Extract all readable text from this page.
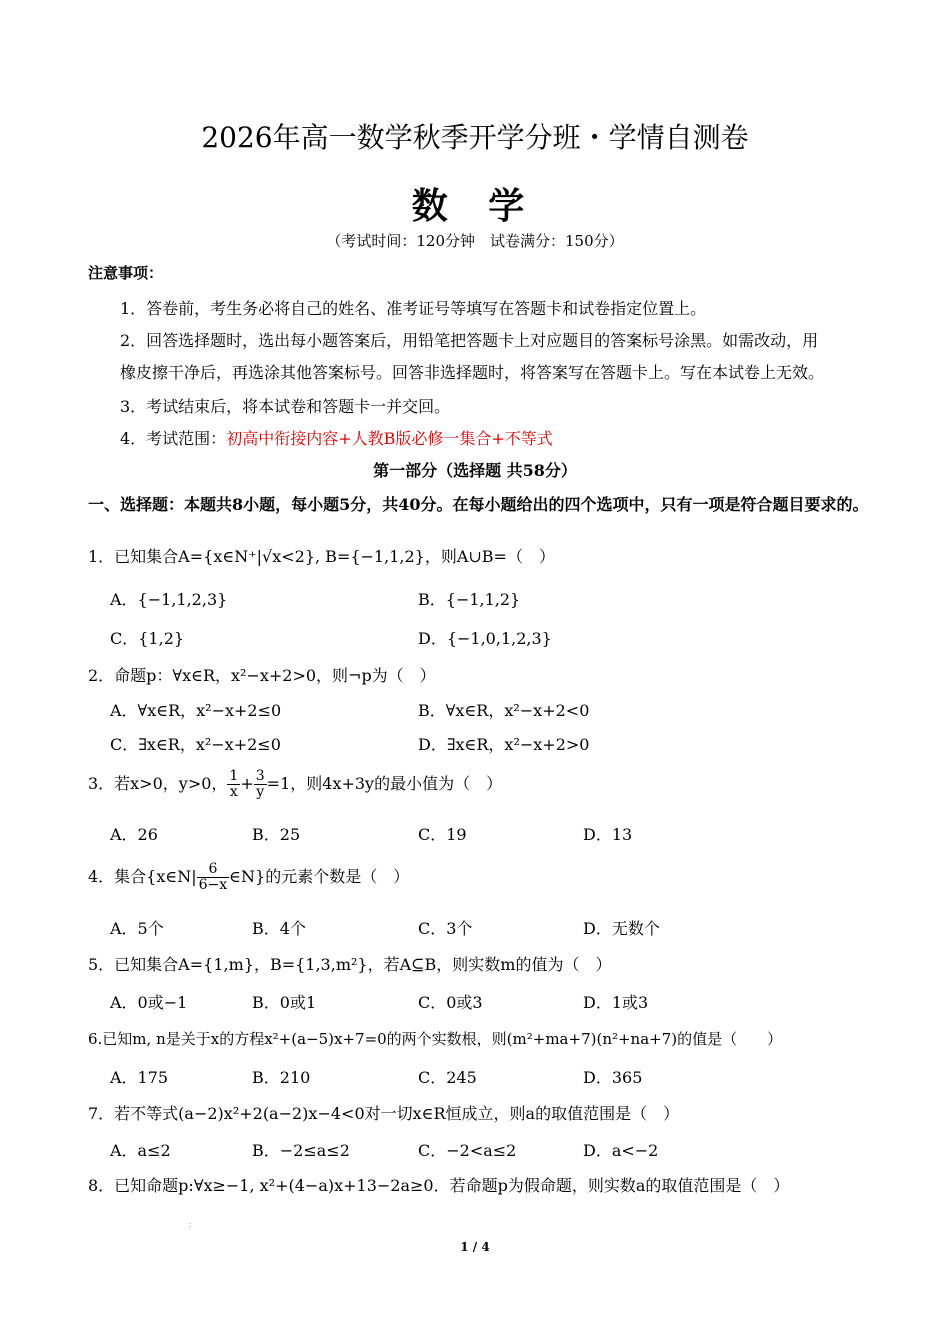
2026年高一数学秋季开学分班・学情自测卷
数 学
（考试时间：120分钟　试卷满分：150分）
注意事项：
1．答卷前，考生务必将自己的姓名、准考证号等填写在答题卡和试卷指定位置上。
2．回答选择题时，选出每小题答案后，用铅笔把答题卡上对应题目的答案标号涂黑。如需改动，用
橡皮擦干净后，再选涂其他答案标号。回答非选择题时，将答案写在答题卡上。写在本试卷上无效。
3．考试结束后，将本试卷和答题卡一并交回。
4．考试范围：初高中衔接内容+人教B版必修一集合+不等式
第一部分（选择题 共58分）
一、选择题：本题共8小题，每小题5分，共40分。在每小题给出的四个选项中，只有一项是符合题目要求的。
1．已知集合A={x∈N⁺|√x<2}, B={−1,1,2}，则A∪B=（　）
A．{−1,1,2,3}	B．{−1,1,2}
C．{1,2}	D．{−1,0,1,2,3}
2．命题p：∀x∈R，x²−x+2>0，则¬p为（　）
A．∀x∈R，x²−x+2≤0	B．∀x∈R，x²−x+2<0
C．∃x∈R，x²−x+2≤0	D．∃x∈R，x²−x+2>0
3．若x>0，y>0， $\frac{1}{x} + \frac{3}{y} =1$，则4x+3y的最小值为（　）
A．26	B．25	C．19	D．13
4．集合{x∈N| $\frac{6}{6-x}$ ∈N}的元素个数是（　）
A．5个	B．4个	C．3个	D．无数个
5．已知集合A={1,m}，B={1,3,m²}，若A⊆B，则实数m的值为（　）
A．0或−1	B．0或1	C．0或3	D．1或3
6.已知m, n是关于x的方程x²+(a−5)x+7=0的两个实数根，则(m²+ma+7)(n²+na+7)的值是（　　）
A．175	B．210	C．245	D．365
7．若不等式(a−2)x²+2(a−2)x−4<0对一切x∈R恒成立，则a的取值范围是（　）
A．a≤2	B．−2≤a≤2	C．−2<a≤2	D．a<−2
8．已知命题p:∀x≥−1, x²+(4−a)x+13−2a≥0．若命题p为假命题，则实数a的取值范围是（　）
⋮
1 / 4
